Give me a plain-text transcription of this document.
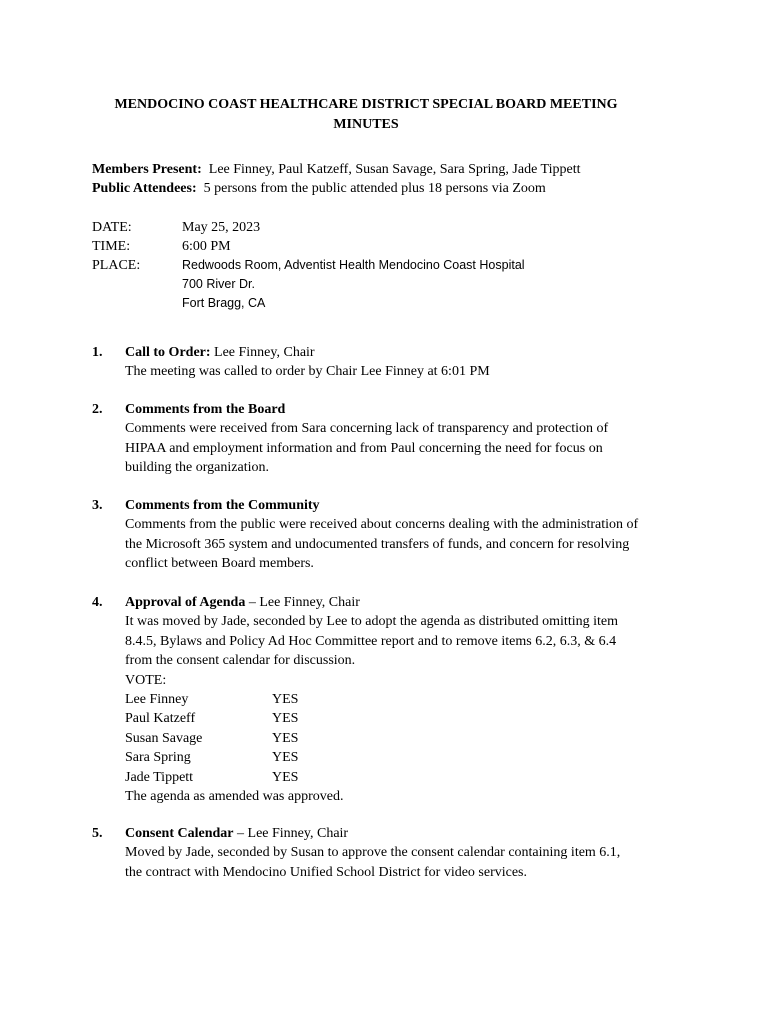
MENDOCINO COAST HEALTHCARE DISTRICT SPECIAL BOARD MEETING MINUTES
Members Present: Lee Finney, Paul Katzeff, Susan Savage, Sara Spring, Jade Tippett
Public Attendees: 5 persons from the public attended plus 18 persons via Zoom
DATE:	May 25, 2023
TIME:	6:00 PM
PLACE:	Redwoods Room, Adventist Health Mendocino Coast Hospital
700 River Dr.
Fort Bragg, CA
1. Call to Order: Lee Finney, Chair
The meeting was called to order by Chair Lee Finney at 6:01 PM
2. Comments from the Board
Comments were received from Sara concerning lack of transparency and protection of
HIPAA and employment information and from Paul concerning the need for focus on
building the organization.
3. Comments from the Community
Comments from the public were received about concerns dealing with the administration of
the Microsoft 365 system and undocumented transfers of funds, and concern for resolving
conflict between Board members.
4. Approval of Agenda – Lee Finney, Chair
It was moved by Jade, seconded by Lee to adopt the agenda as distributed omitting item
8.4.5, Bylaws and Policy Ad Hoc Committee report and to remove items 6.2, 6.3, & 6.4
from the consent calendar for discussion.
VOTE:
Lee Finney	YES
Paul Katzeff	YES
Susan Savage	YES
Sara Spring	YES
Jade Tippett	YES
The agenda as amended was approved.
5. Consent Calendar – Lee Finney, Chair
Moved by Jade, seconded by Susan to approve the consent calendar containing item 6.1,
the contract with Mendocino Unified School District for video services.
